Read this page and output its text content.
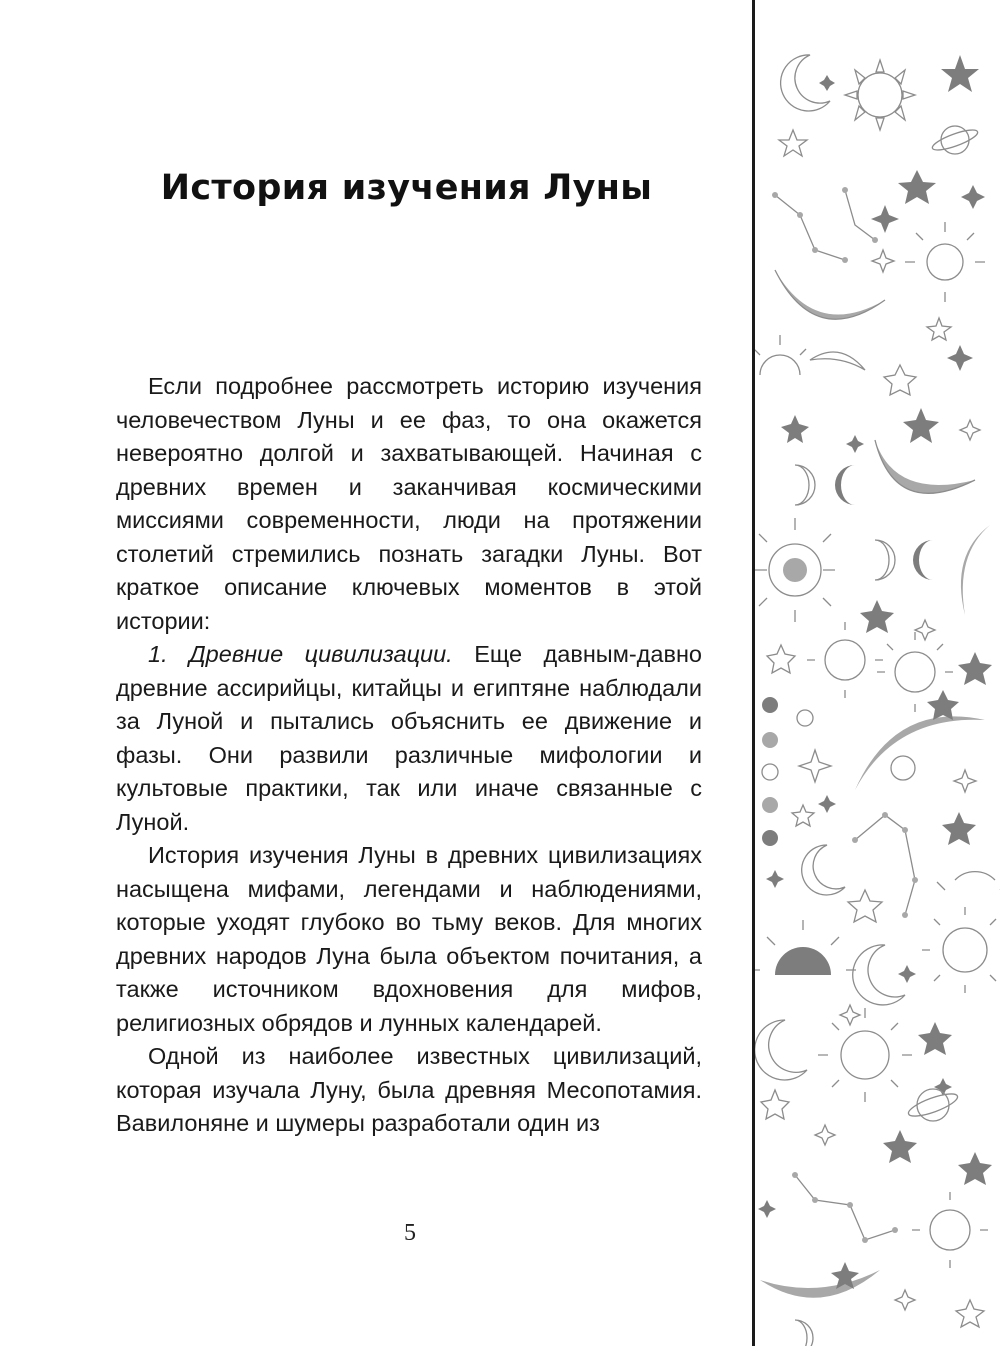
История изучения Луны

Если подробнее рассмотреть историю изучения человечеством Луны и ее фаз, то она окажется невероятно долгой и захватывающей. Начиная с древних времен и заканчивая космическими миссиями современности, люди на протяжении столетий стремились познать загадки Луны. Вот краткое описание ключевых моментов в этой истории:

1. Древние цивилизации. Еще давным-давно древние ассирийцы, китайцы и египтяне наблюдали за Луной и пытались объяснить ее движение и фазы. Они развили различные мифологии и культовые практики, так или иначе связанные с Луной.

История изучения Луны в древних цивилизациях насыщена мифами, легендами и наблюдениями, которые уходят глубоко во тьму веков. Для многих древних народов Луна была объектом почитания, а также источником вдохновения для мифов, религиозных обрядов и лунных календарей.

Одной из наиболее известных цивилизаций, которая изучала Луну, была древняя Месопотамия. Вавилоняне и шумеры разработали один из

5
